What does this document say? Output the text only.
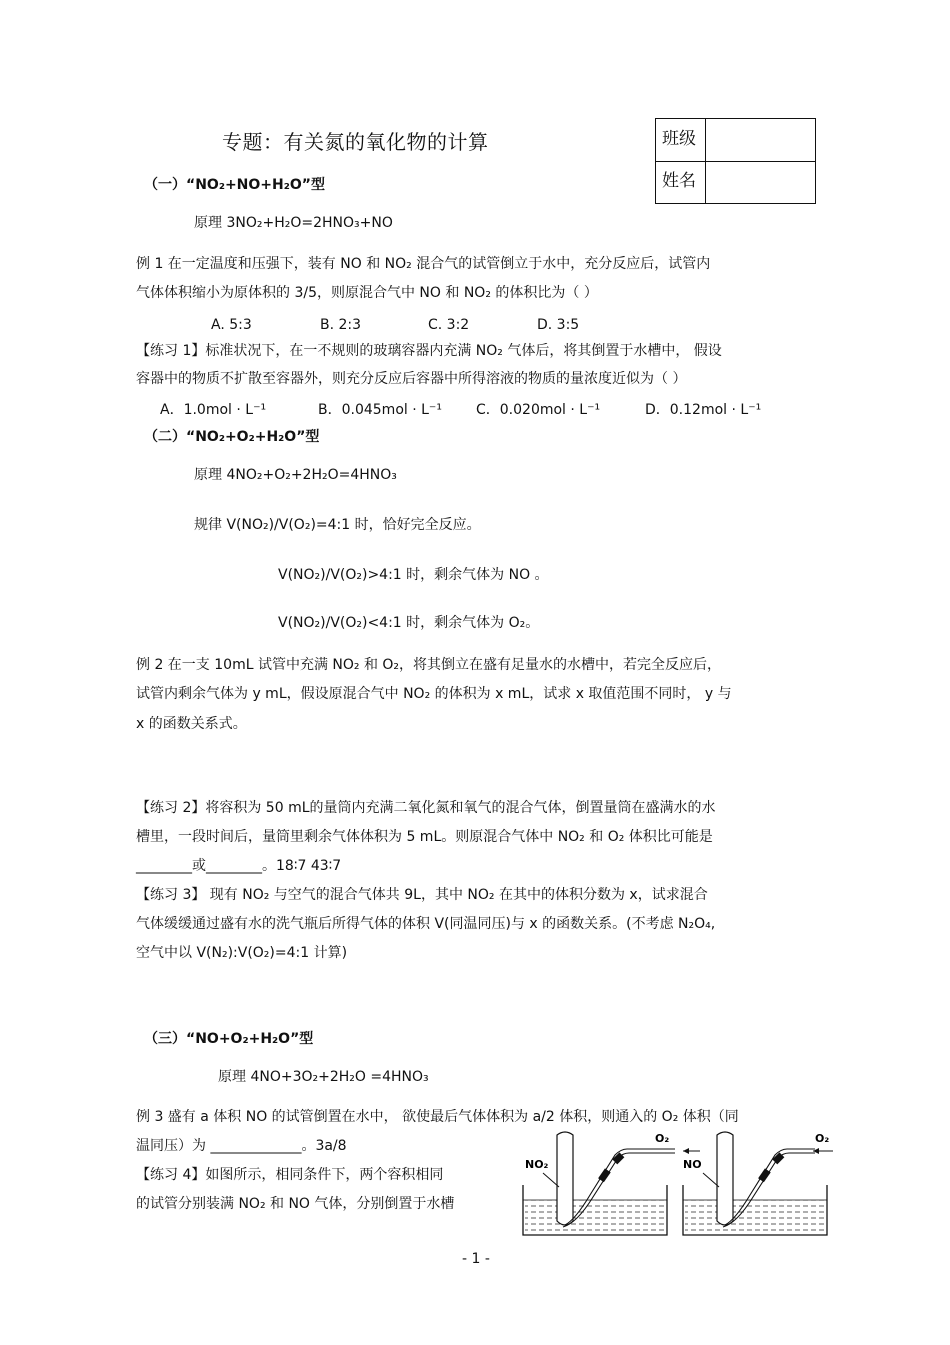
专题：有关氮的氧化物的计算	班级
姓名
（一）“NO₂+NO+H₂O”型
原理 3NO₂+H₂O=2HNO₃+NO
例 1 在一定温度和压强下，装有 NO 和 NO₂ 混合气的试管倒立于水中，充分反应后，试管内
气体体积缩小为原体积的 3/5，则原混合气中 NO 和 NO₂ 的体积比为（ ）
A. 5:3	B. 2:3	C. 3:2	D. 3:5
【练习 1】标准状况下，在一不规则的玻璃容器内充满 NO₂ 气体后，将其倒置于水槽中， 假设
容器中的物质不扩散至容器外，则充分反应后容器中所得溶液的物质的量浓度近似为（ ）
A．1.0mol · L⁻¹	B．0.045mol · L⁻¹ C．0.020mol · L⁻¹	D．0.12mol · L⁻¹
（二）“NO₂+O₂+H₂O”型
原理 4NO₂+O₂+2H₂O=4HNO₃
规律 V(NO₂)/V(O₂)=4:1 时，恰好完全反应。
V(NO₂)/V(O₂)>4:1 时，剩余气体为 NO 。
V(NO₂)/V(O₂)<4:1 时，剩余气体为 O₂。
例 2 在一支 10mL 试管中充满 NO₂ 和 O₂，将其倒立在盛有足量水的水槽中，若完全反应后，
试管内剩余气体为 y mL，假设原混合气中 NO₂ 的体积为 x mL，试求 x 取值范围不同时， y 与
x 的函数关系式。
【练习 2】将容积为 50 mL的量筒内充满二氧化氮和氧气的混合气体，倒置量筒在盛满水的水
槽里，一段时间后，量筒里剩余气体体积为 5 mL。则原混合气体中 NO₂ 和 O₂ 体积比可能是
________或________。18∶7 43∶7
【练习 3】 现有 NO₂ 与空气的混合气体共 9L，其中 NO₂ 在其中的体积分数为 x，试求混合
气体缓缓通过盛有水的洗气瓶后所得气体的体积 V(同温同压)与 x 的函数关系。(不考虑 N₂O₄,
空气中以 V(N₂):V(O₂)=4:1 计算)
（三）“NO+O₂+H₂O”型
原理 4NO+3O₂+2H₂O =4HNO₃
例 3 盛有 a 体积 NO 的试管倒置在水中， 欲使最后气体体积为 a/2 体积，则通入的 O₂ 体积（同
温同压）为 _____________。3a/8
【练习 4】如图所示，相同条件下，两个容积相同
的试管分别装满 NO₂ 和 NO 气体，分别倒置于水槽
NO₂
O₂
NO
O₂
- 1 -
